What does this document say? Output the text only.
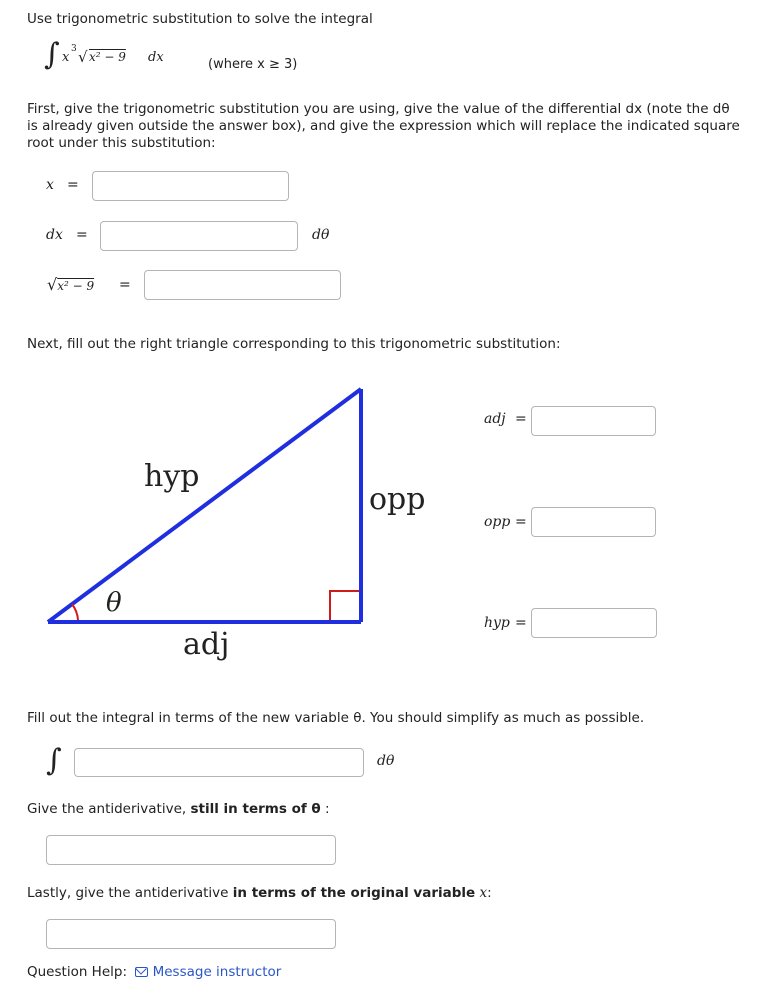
Use trigonometric substitution to solve the integral
∫ x
3 √ x² − 9 dx	(where x ≥ 3)
First, give the trigonometric substitution you are using, give the value of the differential dx (note the dθ is already given outside the answer box), and give the expression which will replace the indicated square root under this substitution:
x =
dx =	dθ
√x² − 9 =
Next, fill out the right triangle corresponding to this trigonometric substitution:
hyp
opp
adj
θ
adj =
opp =
hyp =
Fill out the integral in terms of the new variable θ. You should simplify as much as possible.
∫	dθ
Give the antiderivative, still in terms of θ :
Lastly, give the antiderivative in terms of the original variable x:
Question Help: Message instructor
